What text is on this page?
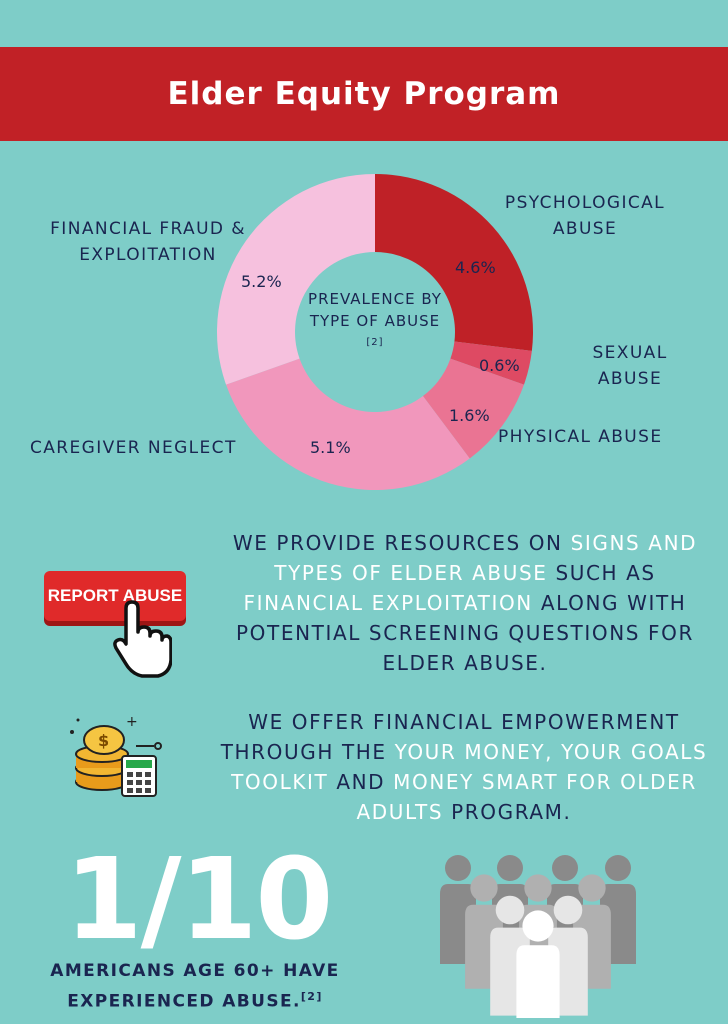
Elder Equity Program
FINANCIAL FRAUD & EXPLOITATION
PSYCHOLOGICAL ABUSE
SEXUAL ABUSE
PHYSICAL ABUSE
CAREGIVER NEGLECT
4.6%
0.6%
1.6%
5.1%
5.2%
PREVALENCE BY TYPE OF ABUSE [2]
REPORT ABUSE
WE PROVIDE RESOURCES ON SIGNS AND TYPES OF ELDER ABUSE SUCH AS FINANCIAL EXPLOITATION ALONG WITH POTENTIAL SCREENING QUESTIONS FOR ELDER ABUSE.
$
+	WE OFFER FINANCIAL EMPOWERMENT THROUGH THE YOUR MONEY, YOUR GOALS TOOLKIT AND MONEY SMART FOR OLDER ADULTS PROGRAM.
1/10
AMERICANS AGE 60+ HAVE EXPERIENCED ABUSE.[2]
